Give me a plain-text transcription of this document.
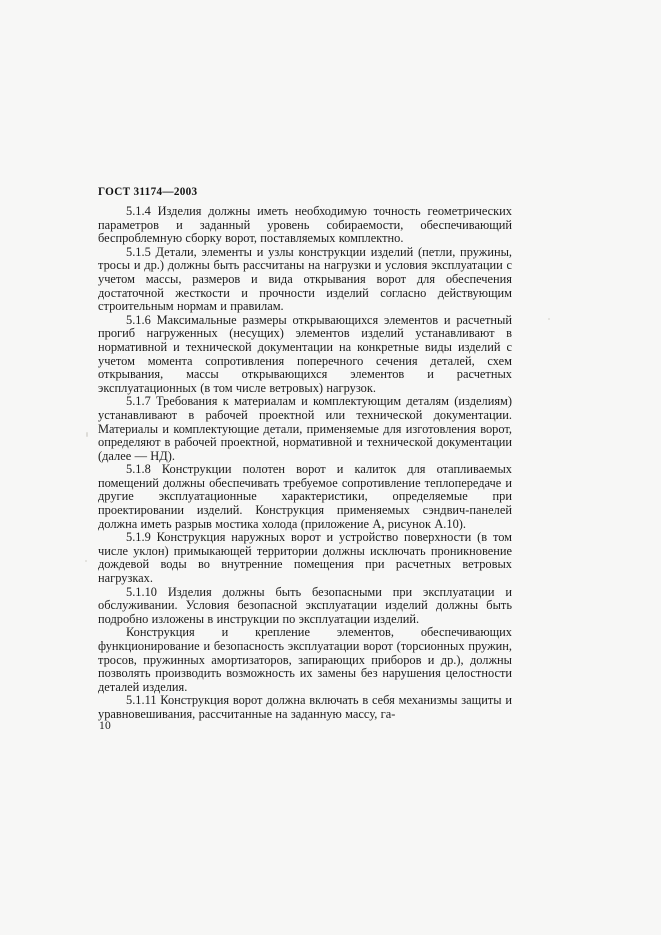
ГОСТ 31174—2003

5.1.4 Изделия должны иметь необходимую точность геометрических параметров и заданный уровень собираемости, обеспечивающий беспроблемную сборку ворот, поставляемых комплектно.

5.1.5 Детали, элементы и узлы конструкции изделий (петли, пружины, тросы и др.) должны быть рассчитаны на нагрузки и условия эксплуатации с учетом массы, размеров и вида открывания ворот для обеспечения достаточной жесткости и прочности изделий согласно действующим строительным нормам и правилам.

5.1.6 Максимальные размеры открывающихся элементов и расчетный прогиб нагруженных (несущих) элементов изделий устанавливают в нормативной и технической документации на конкретные виды изделий с учетом момента сопротивления поперечного сечения деталей, схем открывания, массы открывающихся элементов и расчетных эксплуатационных (в том числе ветровых) нагрузок.

5.1.7 Требования к материалам и комплектующим деталям (изделиям) устанавливают в рабочей проектной или технической документации. Материалы и комплектующие детали, применяемые для изготовления ворот, определяют в рабочей проектной, нормативной и технической документации (далее — НД).

5.1.8 Конструкции полотен ворот и калиток для отапливаемых помещений должны обеспечивать требуемое сопротивление теплопередаче и другие эксплуатационные характеристики, определяемые при проектировании изделий. Конструкция применяемых сэндвич-панелей должна иметь разрыв мостика холода (приложение А, рисунок А.10).

5.1.9 Конструкция наружных ворот и устройство поверхности (в том числе уклон) примыкающей территории должны исключать проникновение дождевой воды во внутренние помещения при расчетных ветровых нагрузках.

5.1.10 Изделия должны быть безопасными при эксплуатации и обслуживании. Условия безопасной эксплуатации изделий должны быть подробно изложены в инструкции по эксплуатации изделий.

Конструкция и крепление элементов, обеспечивающих функционирование и безопасность эксплуатации ворот (торсионных пружин, тросов, пружинных амортизаторов, запирающих приборов и др.), должны позволять производить возможность их замены без нарушения целостности деталей изделия.

5.1.11 Конструкция ворот должна включать в себя механизмы защиты и уравновешивания, рассчитанные на заданную массу, га-

10
